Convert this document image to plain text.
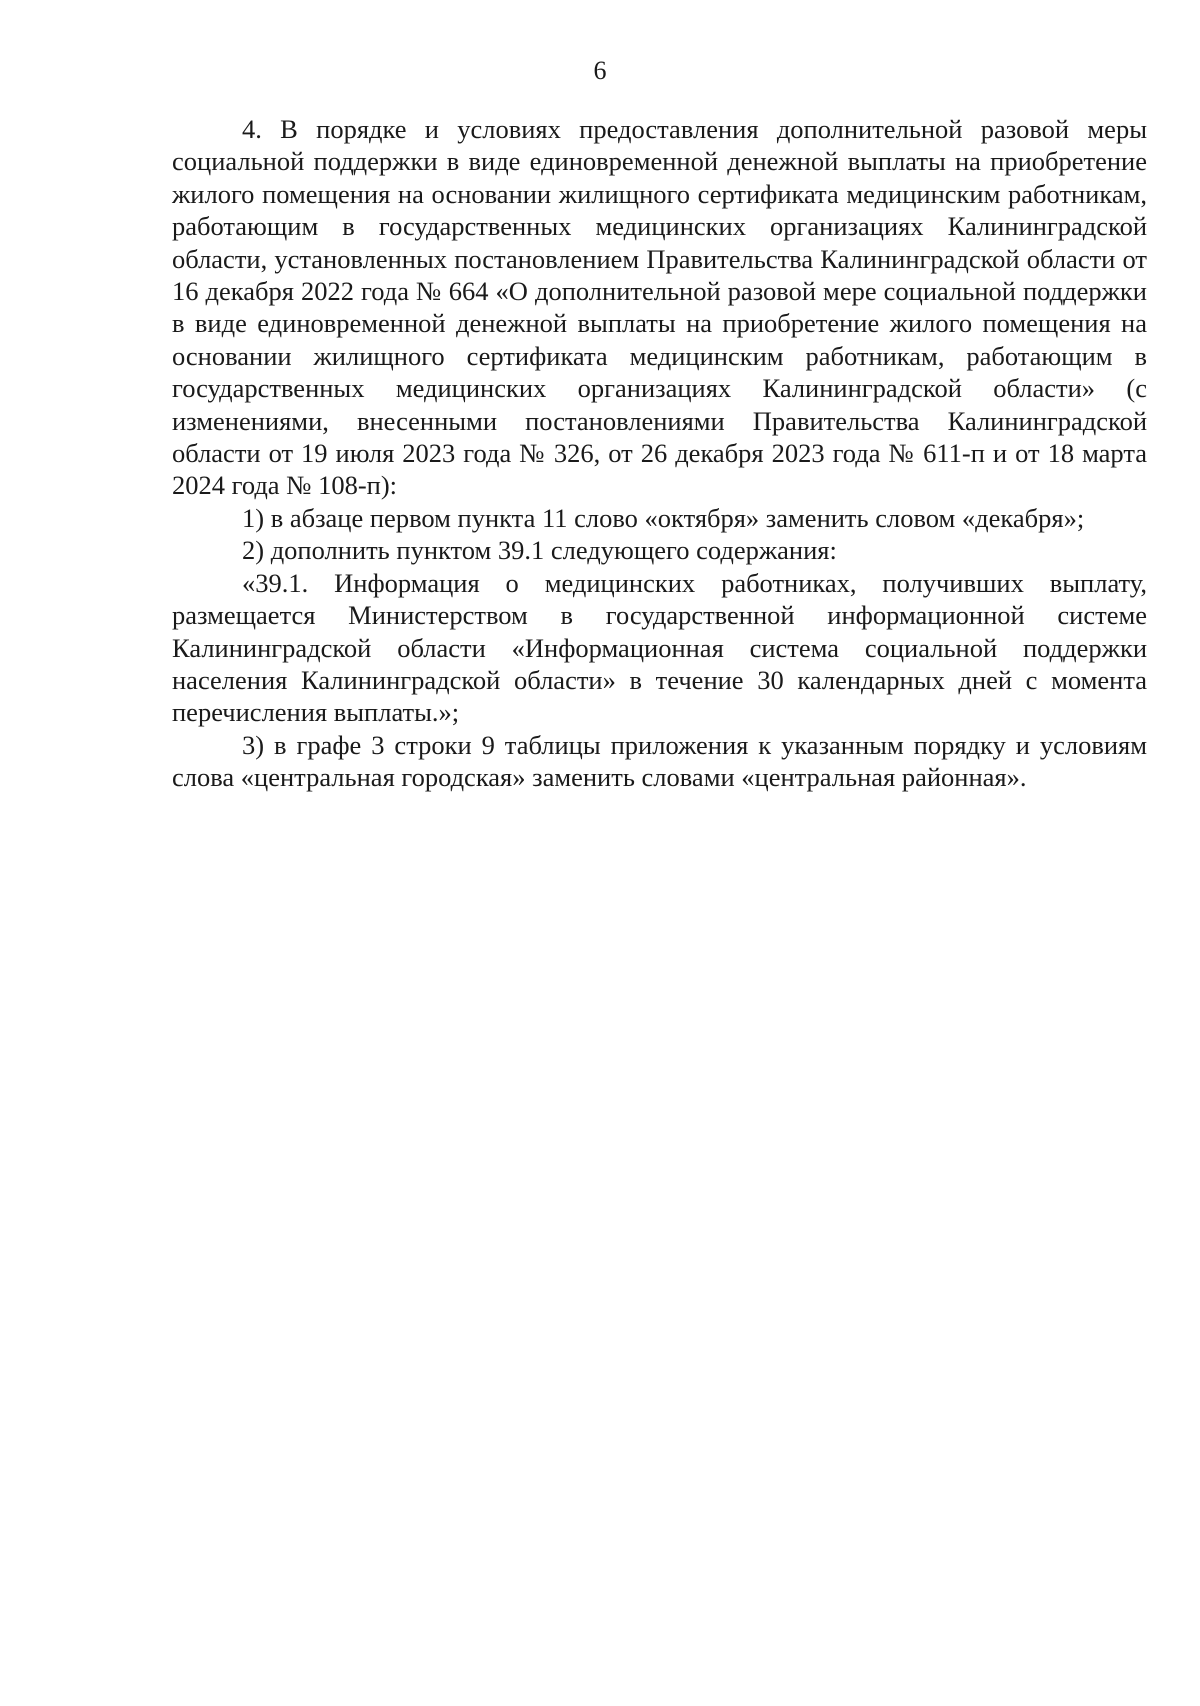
6

4. В порядке и условиях предоставления дополнительной разовой меры социальной поддержки в виде единовременной денежной выплаты на приобретение жилого помещения на основании жилищного сертификата медицинским работникам, работающим в государственных медицинских организациях Калининградской области, установленных постановлением Правительства Калининградской области от 16 декабря 2022 года № 664 «О дополнительной разовой мере социальной поддержки в виде единовременной денежной выплаты на приобретение жилого помещения на основании жилищного сертификата медицинским работникам, работающим в государственных медицинских организациях Калининградской области» (с изменениями, внесенными постановлениями Правительства Калининградской области от 19 июля 2023 года № 326, от 26 декабря 2023 года № 611-п и от 18 марта 2024 года № 108-п):

1) в абзаце первом пункта 11 слово «октября» заменить словом «декабря»;

2) дополнить пунктом 39.1 следующего содержания:

«39.1. Информация о медицинских работниках, получивших выплату, размещается Министерством в государственной информационной системе Калининградской области «Информационная система социальной поддержки населения Калининградской области» в течение 30 календарных дней с момента перечисления выплаты.»;

3) в графе 3 строки 9 таблицы приложения к указанным порядку и условиям слова «центральная городская» заменить словами «центральная районная».
